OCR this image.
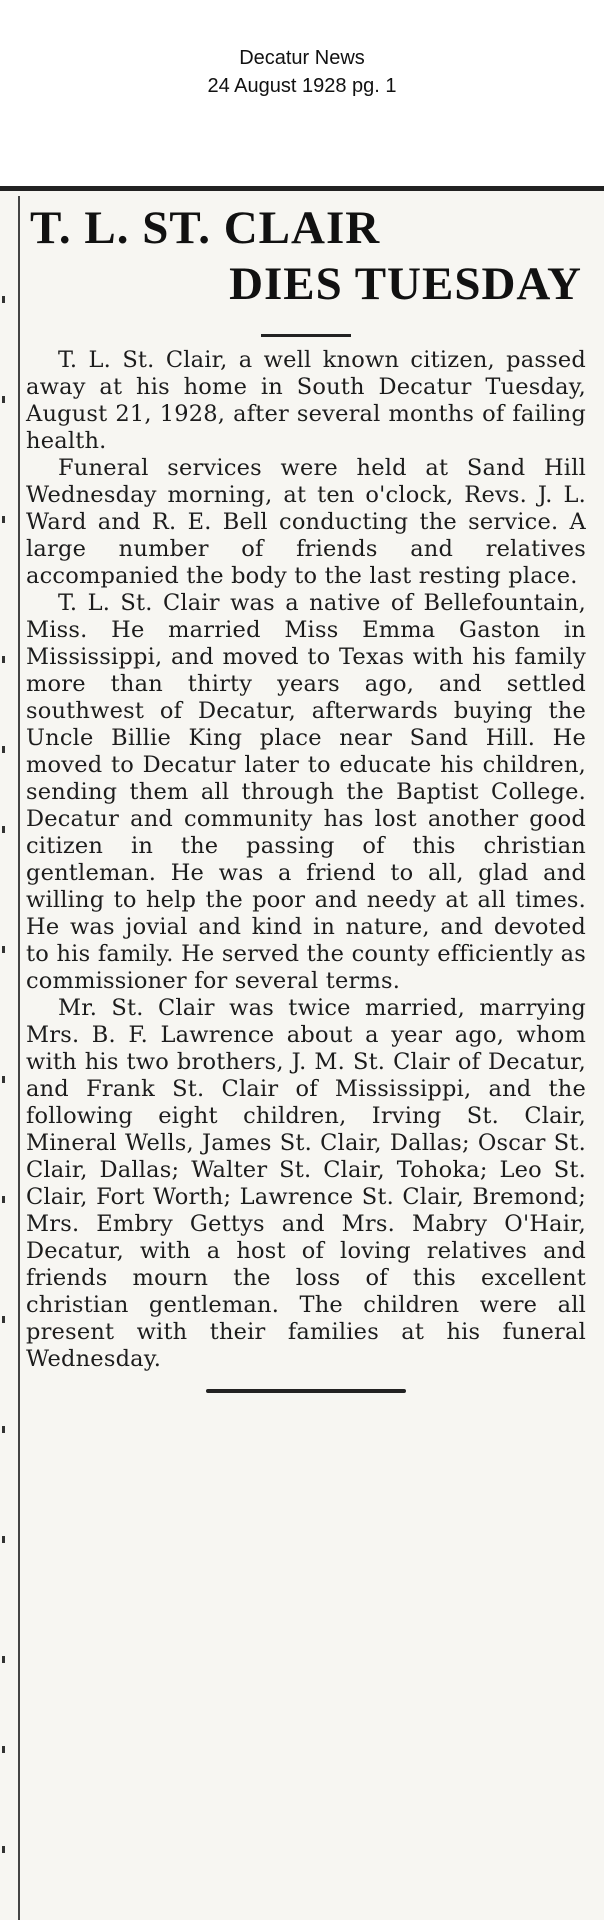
Decatur News
24 August 1928 pg. 1
T. L. ST. CLAIR
DIES TUESDAY

T. L. St. Clair, a well known citizen, passed away at his home in South Decatur Tuesday, August 21, 1928, after several months of failing health.

Funeral services were held at Sand Hill Wednesday morning, at ten o'clock, Revs. J. L. Ward and R. E. Bell conducting the service. A large number of friends and relatives accompanied the body to the last resting place.

T. L. St. Clair was a native of Bellefountain, Miss. He married Miss Emma Gaston in Mississippi, and moved to Texas with his family more than thirty years ago, and settled southwest of Decatur, afterwards buying the Uncle Billie King place near Sand Hill. He moved to Decatur later to educate his children, sending them all through the Baptist College. Decatur and community has lost another good citizen in the passing of this christian gentleman. He was a friend to all, glad and willing to help the poor and needy at all times. He was jovial and kind in nature, and devoted to his family. He served the county efficiently as commissioner for several terms.

Mr. St. Clair was twice married, marrying Mrs. B. F. Lawrence about a year ago, whom with his two brothers, J. M. St. Clair of Decatur, and Frank St. Clair of Mississippi, and the following eight children, Irving St. Clair, Mineral Wells, James St. Clair, Dallas; Oscar St. Clair, Dallas; Walter St. Clair, Tohoka; Leo St. Clair, Fort Worth; Lawrence St. Clair, Bremond; Mrs. Embry Gettys and Mrs. Mabry O'Hair, Decatur, with a host of loving relatives and friends mourn the loss of this excellent christian gentleman. The children were all present with their families at his funeral Wednesday.
